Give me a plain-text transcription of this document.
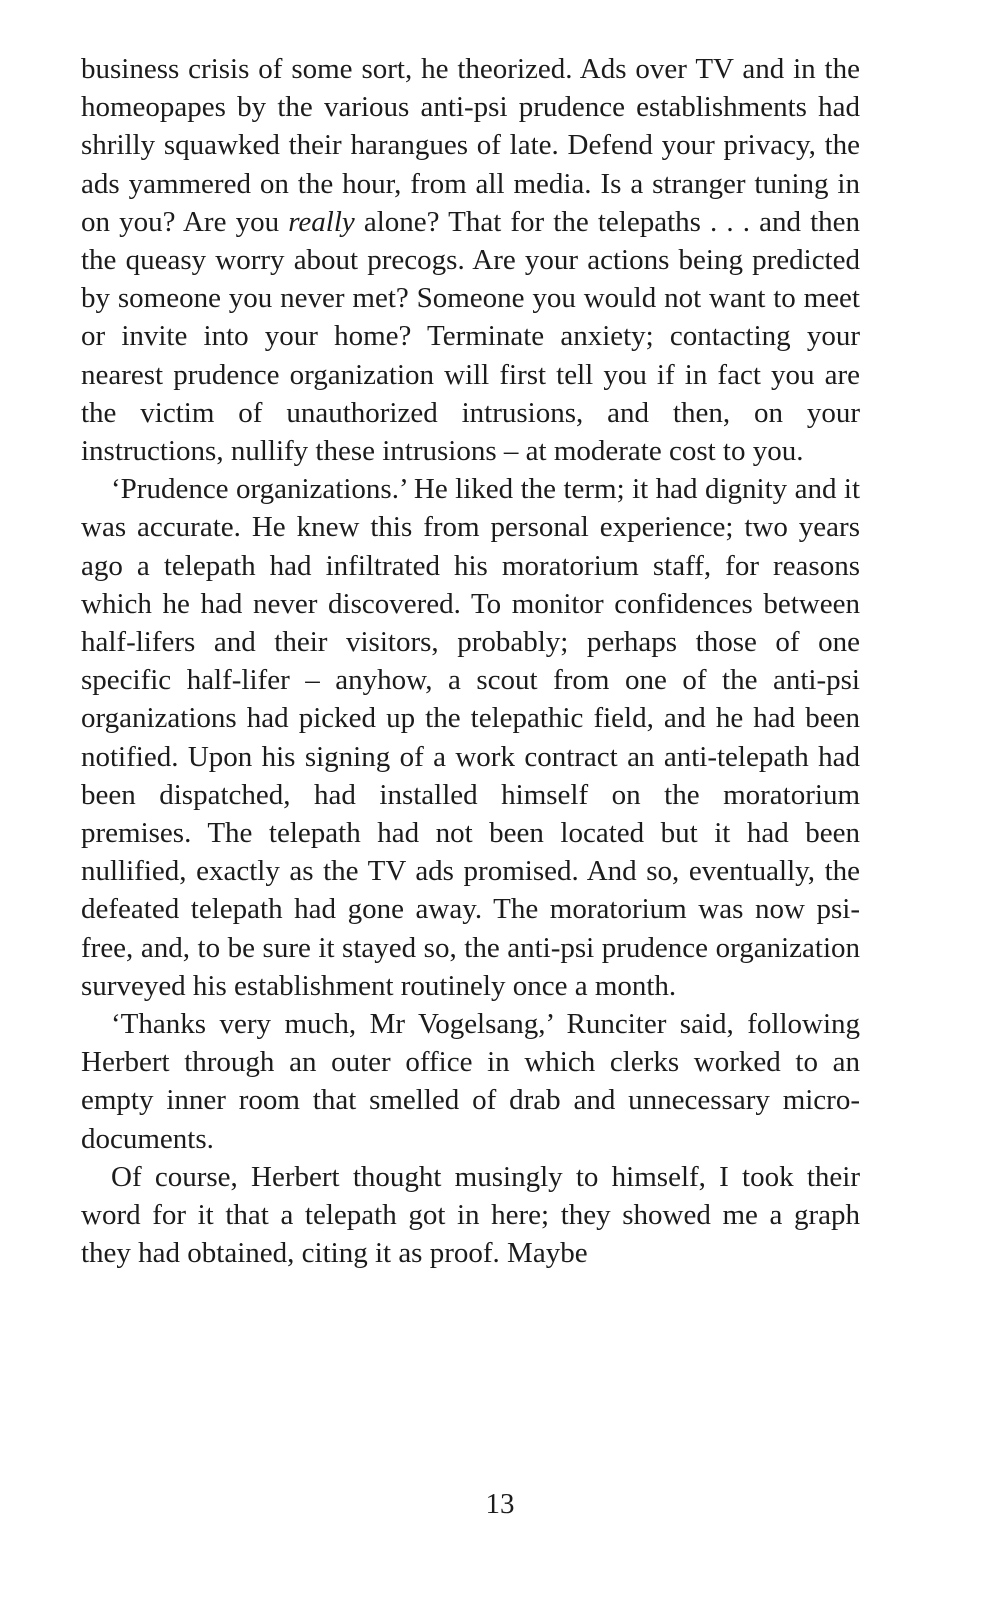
business crisis of some sort, he theorized. Ads over TV and in the homeopapes by the various anti-psi prudence establishments had shrilly squawked their harangues of late. Defend your privacy, the ads yammered on the hour, from all media. Is a stranger tuning in on you? Are you really alone? That for the telepaths . . . and then the queasy worry about precogs. Are your actions being predicted by someone you never met? Someone you would not want to meet or invite into your home? Terminate anxiety; contacting your nearest prudence organization will first tell you if in fact you are the victim of unauthorized intrusions, and then, on your instructions, nullify these intrusions – at moderate cost to you.

‘Prudence organizations.’ He liked the term; it had dignity and it was accurate. He knew this from personal experience; two years ago a telepath had infiltrated his moratorium staff, for reasons which he had never discovered. To monitor confidences between half-lifers and their visitors, probably; perhaps those of one specific half-lifer – anyhow, a scout from one of the anti-psi organizations had picked up the telepathic field, and he had been notified. Upon his signing of a work contract an anti-telepath had been dispatched, had installed himself on the moratorium premises. The telepath had not been located but it had been nullified, exactly as the TV ads promised. And so, eventually, the defeated telepath had gone away. The moratorium was now psi-free, and, to be sure it stayed so, the anti-psi prudence organization surveyed his establishment routinely once a month.

‘Thanks very much, Mr Vogelsang,’ Runciter said, following Herbert through an outer office in which clerks worked to an empty inner room that smelled of drab and unnecessary micro-documents.

Of course, Herbert thought musingly to himself, I took their word for it that a telepath got in here; they showed me a graph they had obtained, citing it as proof. Maybe

13
